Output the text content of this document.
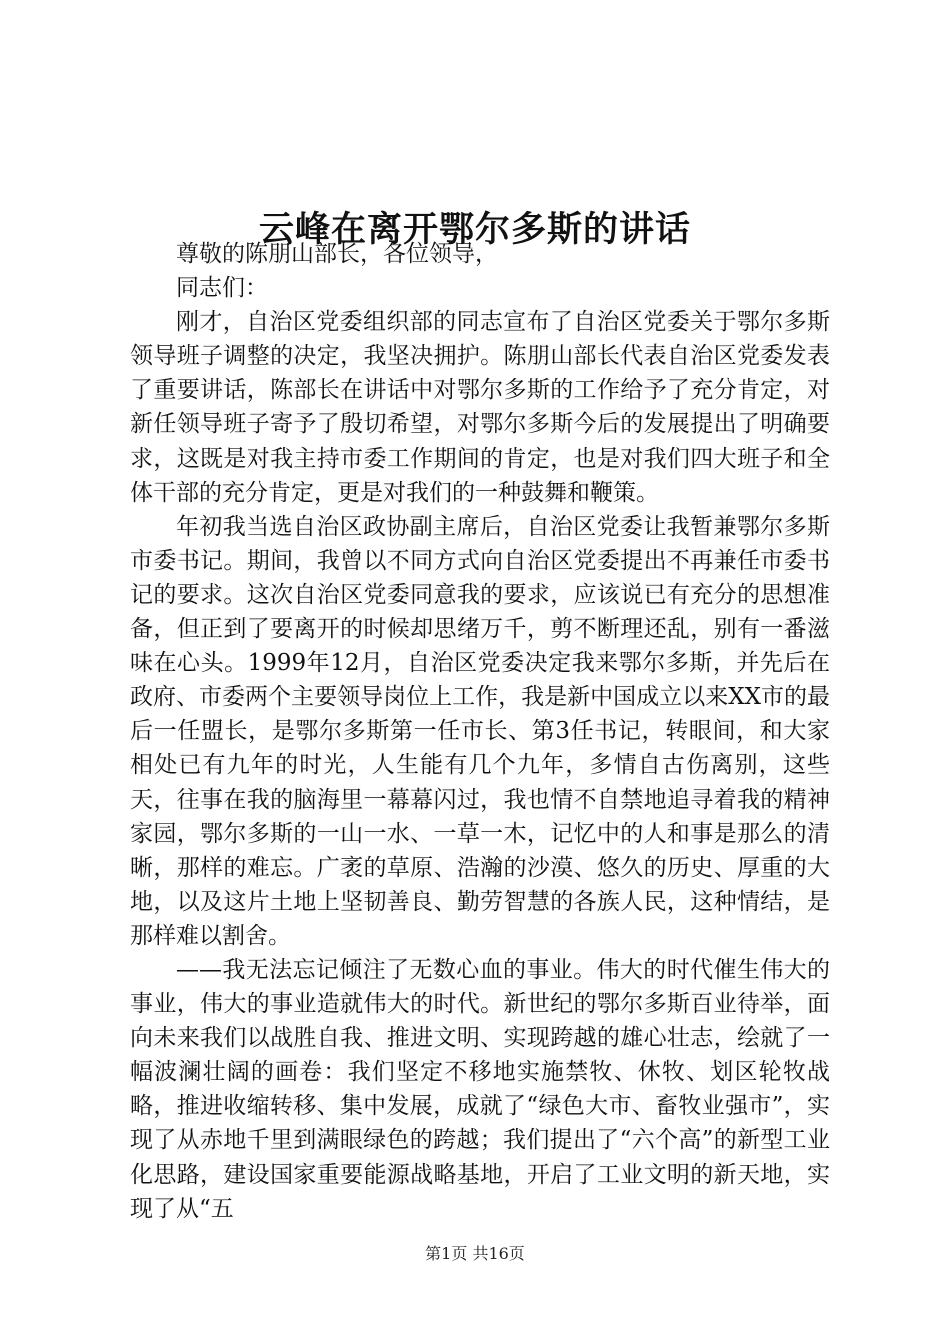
云峰在离开鄂尔多斯的讲话

尊敬的陈朋山部长，各位领导，

同志们：

刚才，自治区党委组织部的同志宣布了自治区党委关于鄂尔多斯领导班子调整的决定，我坚决拥护。陈朋山部长代表自治区党委发表了重要讲话，陈部长在讲话中对鄂尔多斯的工作给予了充分肯定，对新任领导班子寄予了殷切希望，对鄂尔多斯今后的发展提出了明确要求，这既是对我主持市委工作期间的肯定，也是对我们四大班子和全体干部的充分肯定，更是对我们的一种鼓舞和鞭策。

年初我当选自治区政协副主席后，自治区党委让我暂兼鄂尔多斯市委书记。期间，我曾以不同方式向自治区党委提出不再兼任市委书记的要求。这次自治区党委同意我的要求，应该说已有充分的思想准备，但正到了要离开的时候却思绪万千，剪不断理还乱，别有一番滋味在心头。1999年12月，自治区党委决定我来鄂尔多斯，并先后在政府、市委两个主要领导岗位上工作，我是新中国成立以来XX市的最后一任盟长，是鄂尔多斯第一任市长、第3任书记，转眼间，和大家相处已有九年的时光，人生能有几个九年，多情自古伤离别，这些天，往事在我的脑海里一幕幕闪过，我也情不自禁地追寻着我的精神家园，鄂尔多斯的一山一水、一草一木，记忆中的人和事是那么的清晰，那样的难忘。广袤的草原、浩瀚的沙漠、悠久的历史、厚重的大地，以及这片土地上坚韧善良、勤劳智慧的各族人民，这种情结，是那样难以割舍。

——我无法忘记倾注了无数心血的事业。伟大的时代催生伟大的事业，伟大的事业造就伟大的时代。新世纪的鄂尔多斯百业待举，面向未来我们以战胜自我、推进文明、实现跨越的雄心壮志，绘就了一幅波澜壮阔的画卷：我们坚定不移地实施禁牧、休牧、划区轮牧战略，推进收缩转移、集中发展，成就了“绿色大市、畜牧业强市”，实现了从赤地千里到满眼绿色的跨越；我们提出了“六个高”的新型工业化思路，建设国家重要能源战略基地，开启了工业文明的新天地，实现了从“五

第1页 共16页
